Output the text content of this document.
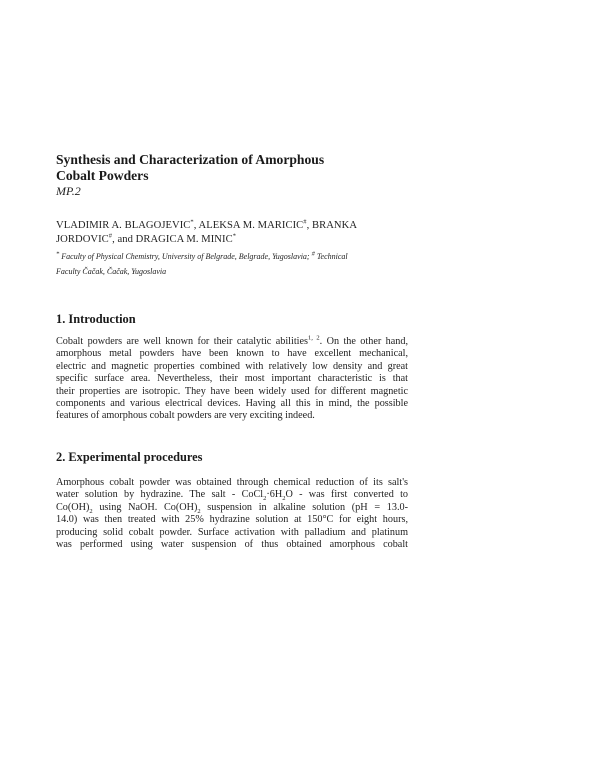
Synthesis and Characterization of Amorphous
Cobalt Powders
MP.2
VLADIMIR A. BLAGOJEVIC*, ALEKSA M. MARICIC#, BRANKA
JORDOVIC#, and DRAGICA M. MINIC*
* Faculty of Physical Chemistry, University of Belgrade, Belgrade, Yugoslavia; # Technical
Faculty Čačak, Čačak, Yugoslavia
1. Introduction
Cobalt powders are well known for their catalytic abilities$^{1, 2}$. On the other hand,
amorphous metal powders have been known to have excellent mechanical,
electric and magnetic properties combined with relatively low density and great
specific surface area. Nevertheless, their most important characteristic is that
their properties are isotropic. They have been widely used for different magnetic
components and various electrical devices. Having all this in mind, the possible
features of amorphous cobalt powders are very exciting indeed.
2. Experimental procedures
Amorphous cobalt powder was obtained through chemical reduction of its salt's
water solution by hydrazine. The salt - $CoCl_2\cdot 6H_2O$ - was first converted to
$Co(OH)_2$ using NaOH. $Co(OH)_2$ suspension in alkaline solution (pH = 13.0-
14.0) was then treated with 25% hydrazine solution at 150°C for eight hours,
producing solid cobalt powder. Surface activation with palladium and platinum
was performed using water suspension of thus obtained amorphous cobalt
